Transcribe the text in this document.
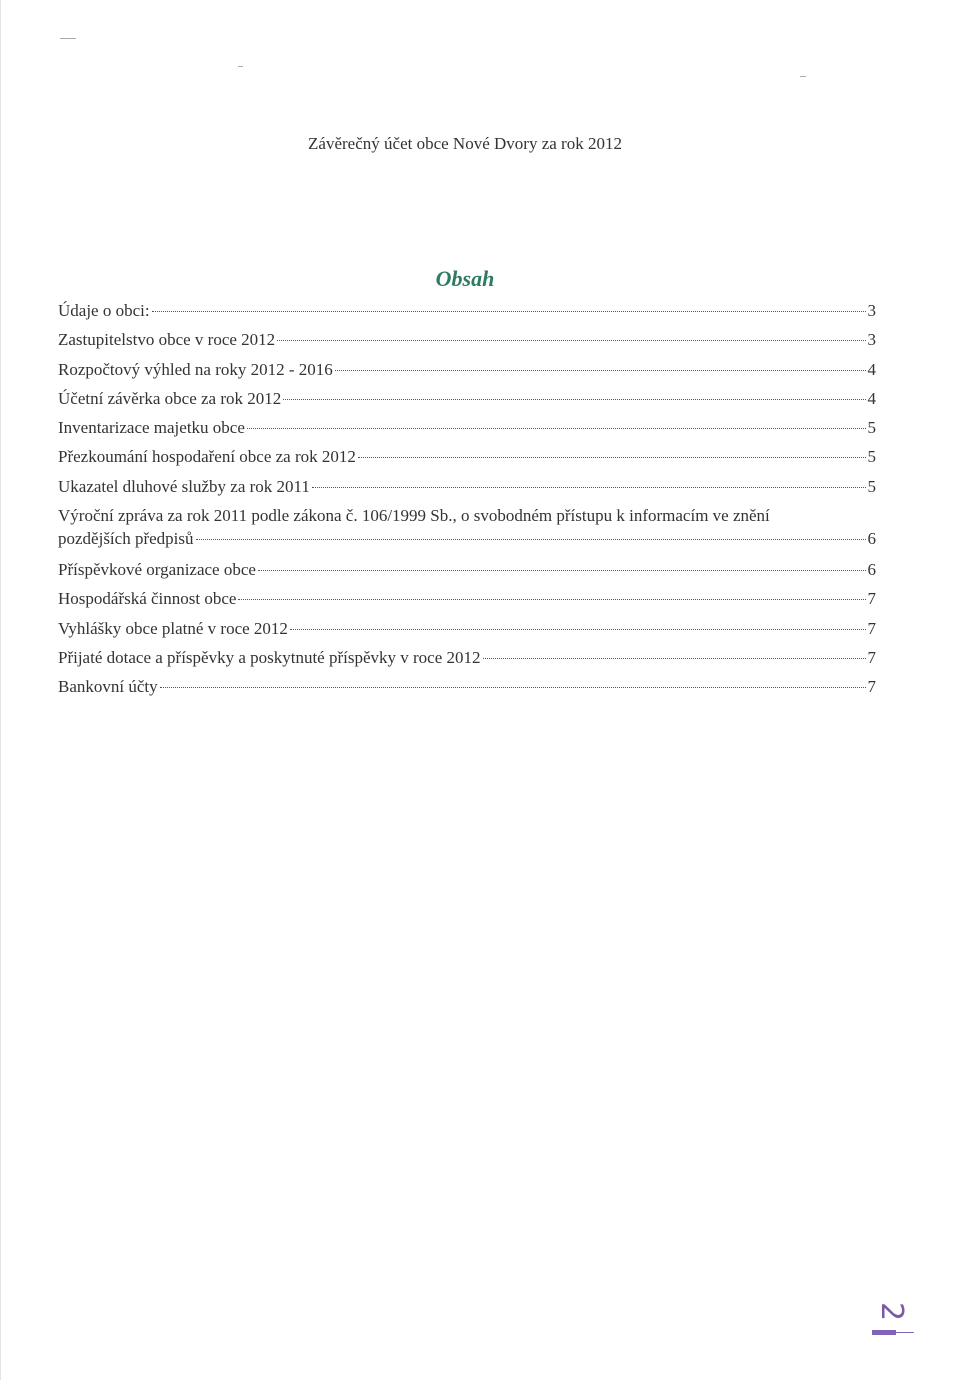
Závěrečný účet obce Nové Dvory za rok 2012
Obsah
Údaje o obci:	3
Zastupitelstvo obce v roce 2012	3
Rozpočtový výhled na roky 2012 - 2016	4
Účetní závěrka obce za rok 2012	4
Inventarizace majetku obce	5
Přezkoumání hospodaření obce za rok 2012	5
Ukazatel dluhové služby za rok 2011	5
Výroční zpráva za rok 2011 podle zákona č. 106/1999 Sb., o svobodném přístupu k informacím ve znění
pozdějších předpisů	6
Příspěvkové organizace obce	6
Hospodářská činnost obce	7
Vyhlášky obce platné v roce 2012	7
Přijaté dotace a příspěvky a poskytnuté příspěvky v roce 2012	7
Bankovní účty	7
2
